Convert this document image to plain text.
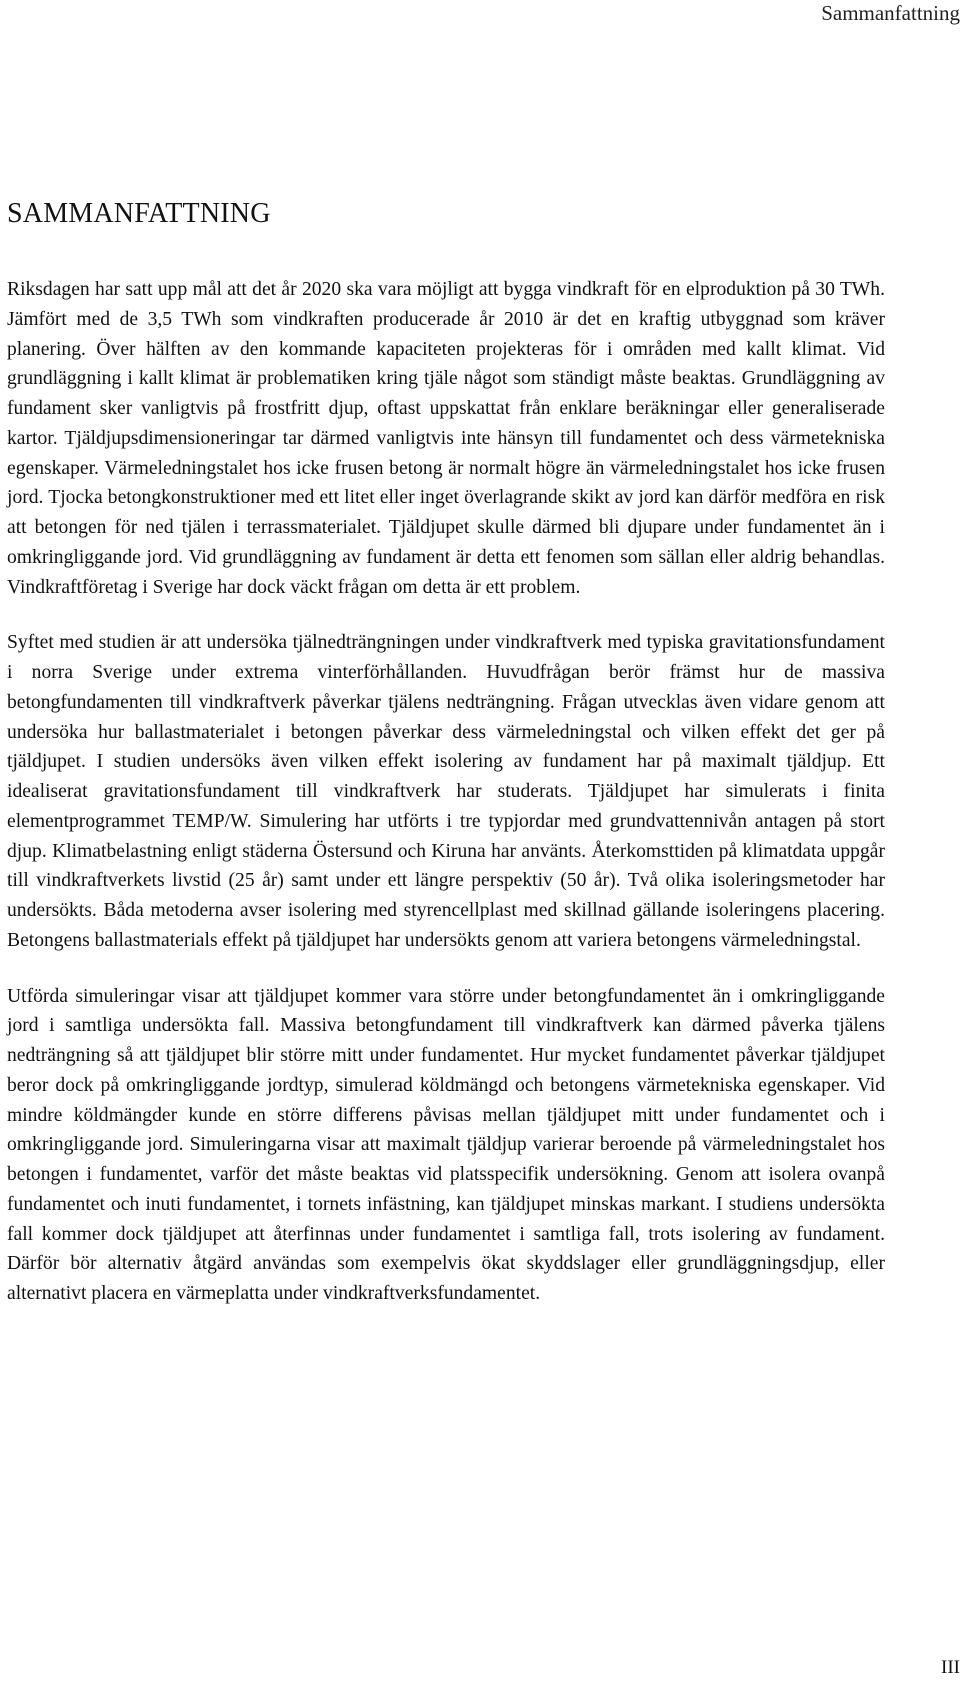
Sammanfattning
SAMMANFATTNING

Riksdagen har satt upp mål att det år 2020 ska vara möjligt att bygga vindkraft för en elproduktion på 30 TWh. Jämfört med de 3,5 TWh som vindkraften producerade år 2010 är det en kraftig utbyggnad som kräver planering. Över hälften av den kommande kapaciteten projekteras för i områden med kallt klimat. Vid grundläggning i kallt klimat är problematiken kring tjäle något som ständigt måste beaktas. Grundläggning av fundament sker vanligtvis på frostfritt djup, oftast uppskattat från enklare beräkningar eller generaliserade kartor. Tjäldjupsdimensioneringar tar därmed vanligtvis inte hänsyn till fundamentet och dess värmetekniska egenskaper. Värmeledningstalet hos icke frusen betong är normalt högre än värmeledningstalet hos icke frusen jord. Tjocka betongkonstruktioner med ett litet eller inget överlagrande skikt av jord kan därför medföra en risk att betongen för ned tjälen i terrassmaterialet. Tjäldjupet skulle därmed bli djupare under fundamentet än i omkringliggande jord. Vid grundläggning av fundament är detta ett fenomen som sällan eller aldrig behandlas. Vindkraftföretag i Sverige har dock väckt frågan om detta är ett problem.

Syftet med studien är att undersöka tjälnedträngningen under vindkraftverk med typiska gravitationsfundament i norra Sverige under extrema vinterförhållanden. Huvudfrågan berör främst hur de massiva betongfundamenten till vindkraftverk påverkar tjälens nedträngning. Frågan utvecklas även vidare genom att undersöka hur ballastmaterialet i betongen påverkar dess värmeledningstal och vilken effekt det ger på tjäldjupet. I studien undersöks även vilken effekt isolering av fundament har på maximalt tjäldjup. Ett idealiserat gravitationsfundament till vindkraftverk har studerats. Tjäldjupet har simulerats i finita elementprogrammet TEMP/W. Simulering har utförts i tre typjordar med grundvattennivån antagen på stort djup. Klimatbelastning enligt städerna Östersund och Kiruna har använts. Återkomsttiden på klimatdata uppgår till vindkraftverkets livstid (25 år) samt under ett längre perspektiv (50 år). Två olika isoleringsmetoder har undersökts. Båda metoderna avser isolering med styrencellplast med skillnad gällande isoleringens placering. Betongens ballastmaterials effekt på tjäldjupet har undersökts genom att variera betongens värmeledningstal.

Utförda simuleringar visar att tjäldjupet kommer vara större under betongfundamentet än i omkringliggande jord i samtliga undersökta fall. Massiva betongfundament till vindkraftverk kan därmed påverka tjälens nedträngning så att tjäldjupet blir större mitt under fundamentet. Hur mycket fundamentet påverkar tjäldjupet beror dock på omkringliggande jordtyp, simulerad köldmängd och betongens värmetekniska egenskaper. Vid mindre köldmängder kunde en större differens påvisas mellan tjäldjupet mitt under fundamentet och i omkringliggande jord. Simuleringarna visar att maximalt tjäldjup varierar beroende på värmeledningstalet hos betongen i fundamentet, varför det måste beaktas vid platsspecifik undersökning. Genom att isolera ovanpå fundamentet och inuti fundamentet, i tornets infästning, kan tjäldjupet minskas markant. I studiens undersökta fall kommer dock tjäldjupet att återfinnas under fundamentet i samtliga fall, trots isolering av fundament. Därför bör alternativ åtgärd användas som exempelvis ökat skyddslager eller grundläggningsdjup, eller alternativt placera en värmeplatta under vindkraftverksfundamentet.

III
